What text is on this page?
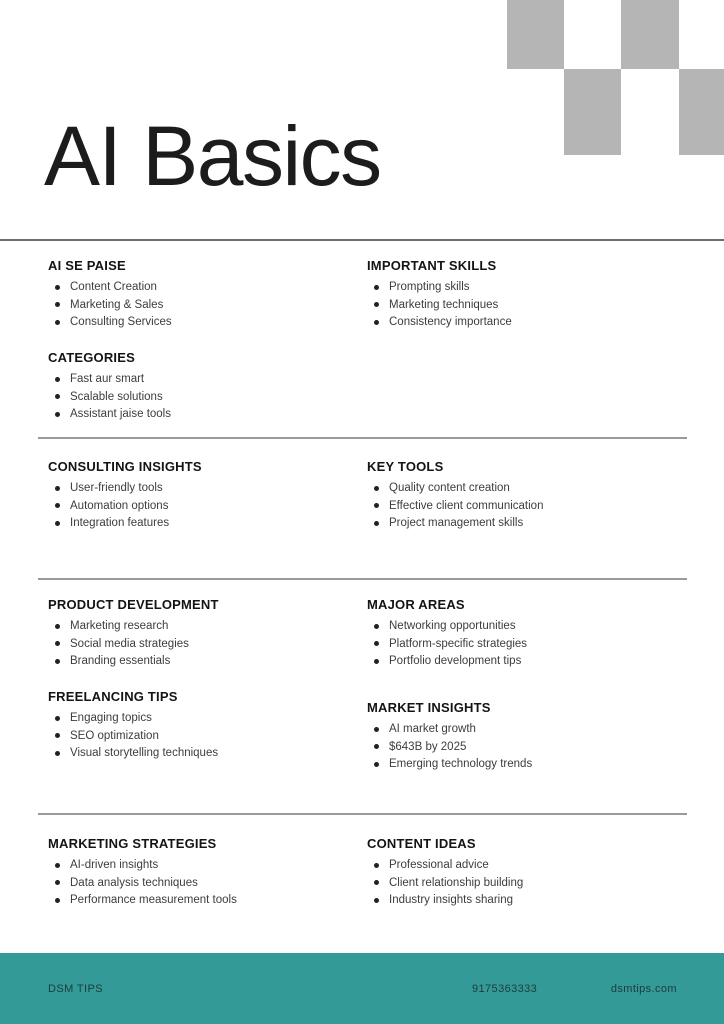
AI Basics
AI SE PAISE
Content Creation
Marketing & Sales
Consulting Services
CATEGORIES
Fast aur smart
Scalable solutions
Assistant jaise tools
IMPORTANT SKILLS
Prompting skills
Marketing techniques
Consistency importance
CONSULTING INSIGHTS
User-friendly tools
Automation options
Integration features
KEY TOOLS
Quality content creation
Effective client communication
Project management skills
PRODUCT DEVELOPMENT
Marketing research
Social media strategies
Branding essentials
FREELANCING TIPS
Engaging topics
SEO optimization
Visual storytelling techniques
MAJOR AREAS
Networking opportunities
Platform-specific strategies
Portfolio development tips
MARKET INSIGHTS
AI market growth
$643B by 2025
Emerging technology trends
MARKETING STRATEGIES
AI-driven insights
Data analysis techniques
Performance measurement tools
CONTENT IDEAS
Professional advice
Client relationship building
Industry insights sharing
DSM TIPS	9175363333	dsmtips.com
